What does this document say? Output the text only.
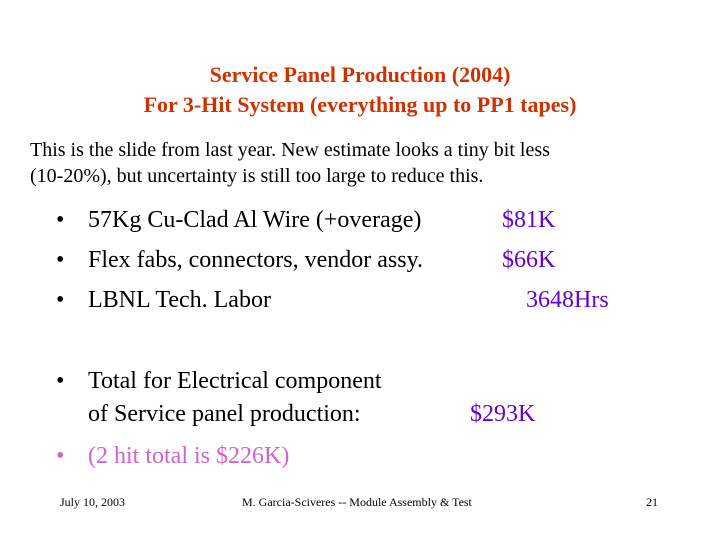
Service Panel Production (2004)
For 3-Hit System (everything up to PP1 tapes)
This is the slide from last year. New estimate looks a tiny bit less
(10-20%), but uncertainty is still too large to reduce this.
• 57Kg Cu-Clad Al Wire (+overage)	$81K
• Flex fabs, connectors, vendor assy.	$66K
• LBNL Tech. Labor	3648Hrs
• Total for Electrical component
of Service panel production:	$293K
• (2 hit total is $226K)
July 10, 2003	M. Garcia-Sciveres -- Module Assembly & Test	21
